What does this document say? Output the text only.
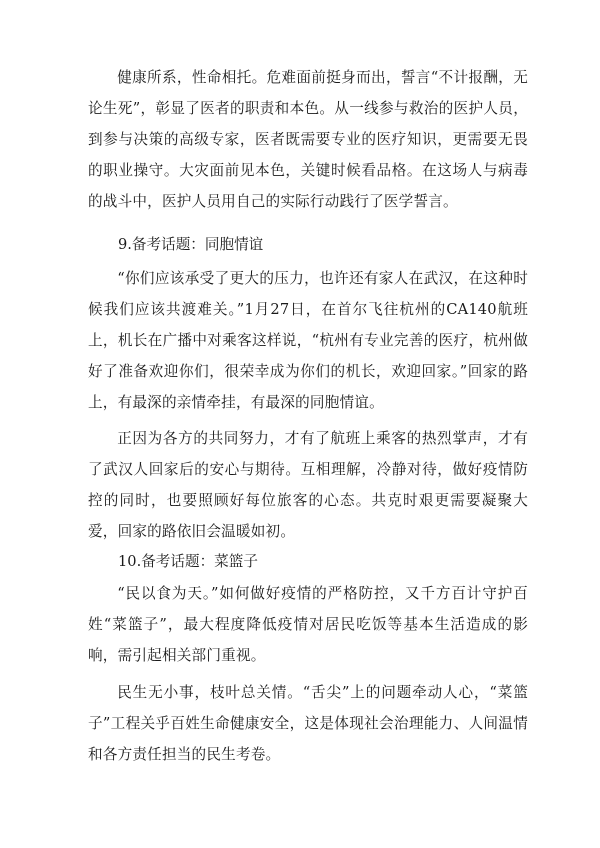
健康所系，性命相托。危难面前挺身而出，誓言“不计报酬，无论生死”，彰显了医者的职责和本色。从一线参与救治的医护人员，到参与决策的高级专家，医者既需要专业的医疗知识，更需要无畏的职业操守。大灾面前见本色，关键时候看品格。在这场人与病毒的战斗中，医护人员用自己的实际行动践行了医学誓言。

9.备考话题：同胞情谊

“你们应该承受了更大的压力，也许还有家人在武汉，在这种时候我们应该共渡难关。”1月27日，在首尔飞往杭州的CA140航班上，机长在广播中对乘客这样说，“杭州有专业完善的医疗，杭州做好了准备欢迎你们，很荣幸成为你们的机长，欢迎回家。”回家的路上，有最深的亲情牵挂，有最深的同胞情谊。

正因为各方的共同努力，才有了航班上乘客的热烈掌声，才有了武汉人回家后的安心与期待。互相理解，冷静对待，做好疫情防控的同时，也要照顾好每位旅客的心态。共克时艰更需要凝聚大爱，回家的路依旧会温暖如初。

10.备考话题：菜篮子

“民以食为天。”如何做好疫情的严格防控，又千方百计守护百姓“菜篮子”，最大程度降低疫情对居民吃饭等基本生活造成的影响，需引起相关部门重视。

民生无小事，枝叶总关情。“舌尖”上的问题牵动人心，“菜篮子”工程关乎百姓生命健康安全，这是体现社会治理能力、人间温情和各方责任担当的民生考卷。
